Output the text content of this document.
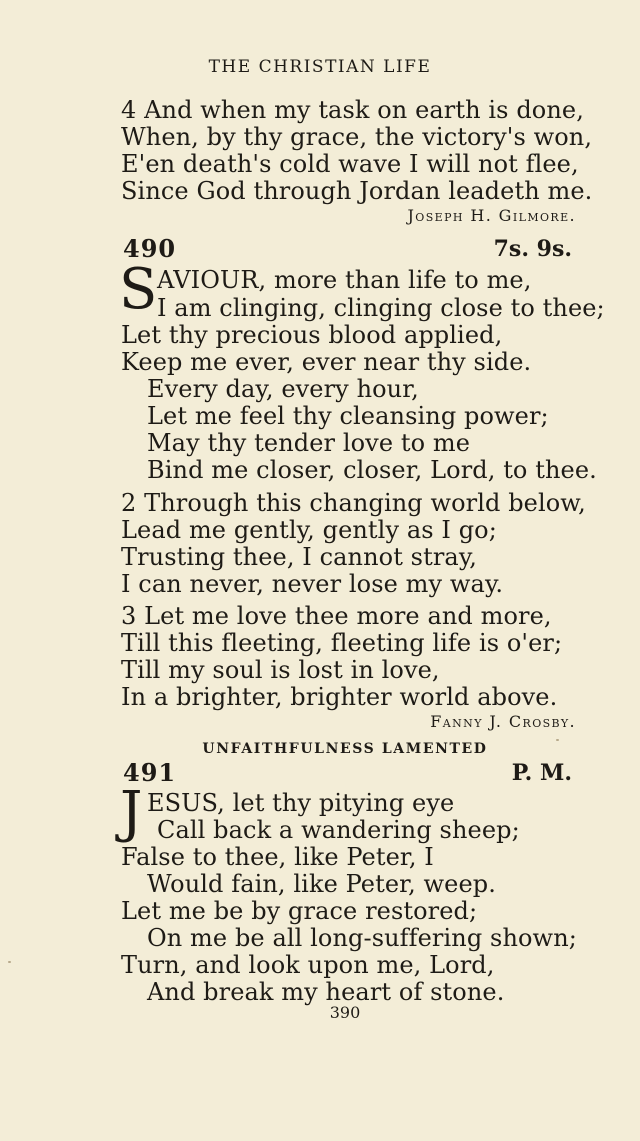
THE CHRISTIAN LIFE
4 And when my task on earth is done,
When, by thy grace, the victory's won,
E'en death's cold wave I will not flee,
Since God through Jordan leadeth me.
Joseph H. Gilmore.
490	7s. 9s.
S AVIOUR, more than life to me,
I am clinging, clinging close to thee;
Let thy precious blood applied,
Keep me ever, ever near thy side.
Every day, every hour,
Let me feel thy cleansing power;
May thy tender love to me
Bind me closer, closer, Lord, to thee.
2 Through this changing world below,
Lead me gently, gently as I go;
Trusting thee, I cannot stray,
I can never, never lose my way.
3 Let me love thee more and more,
Till this fleeting, fleeting life is o'er;
Till my soul is lost in love,
In a brighter, brighter world above.
Fanny J. Crosby.
UNFAITHFULNESS LAMENTED
491	P. M.
J ESUS, let thy pitying eye
Call back a wandering sheep;
False to thee, like Peter, I
Would fain, like Peter, weep.
Let me be by grace restored;
On me be all long-suffering shown;
Turn, and look upon me, Lord,
And break my heart of stone.
390
